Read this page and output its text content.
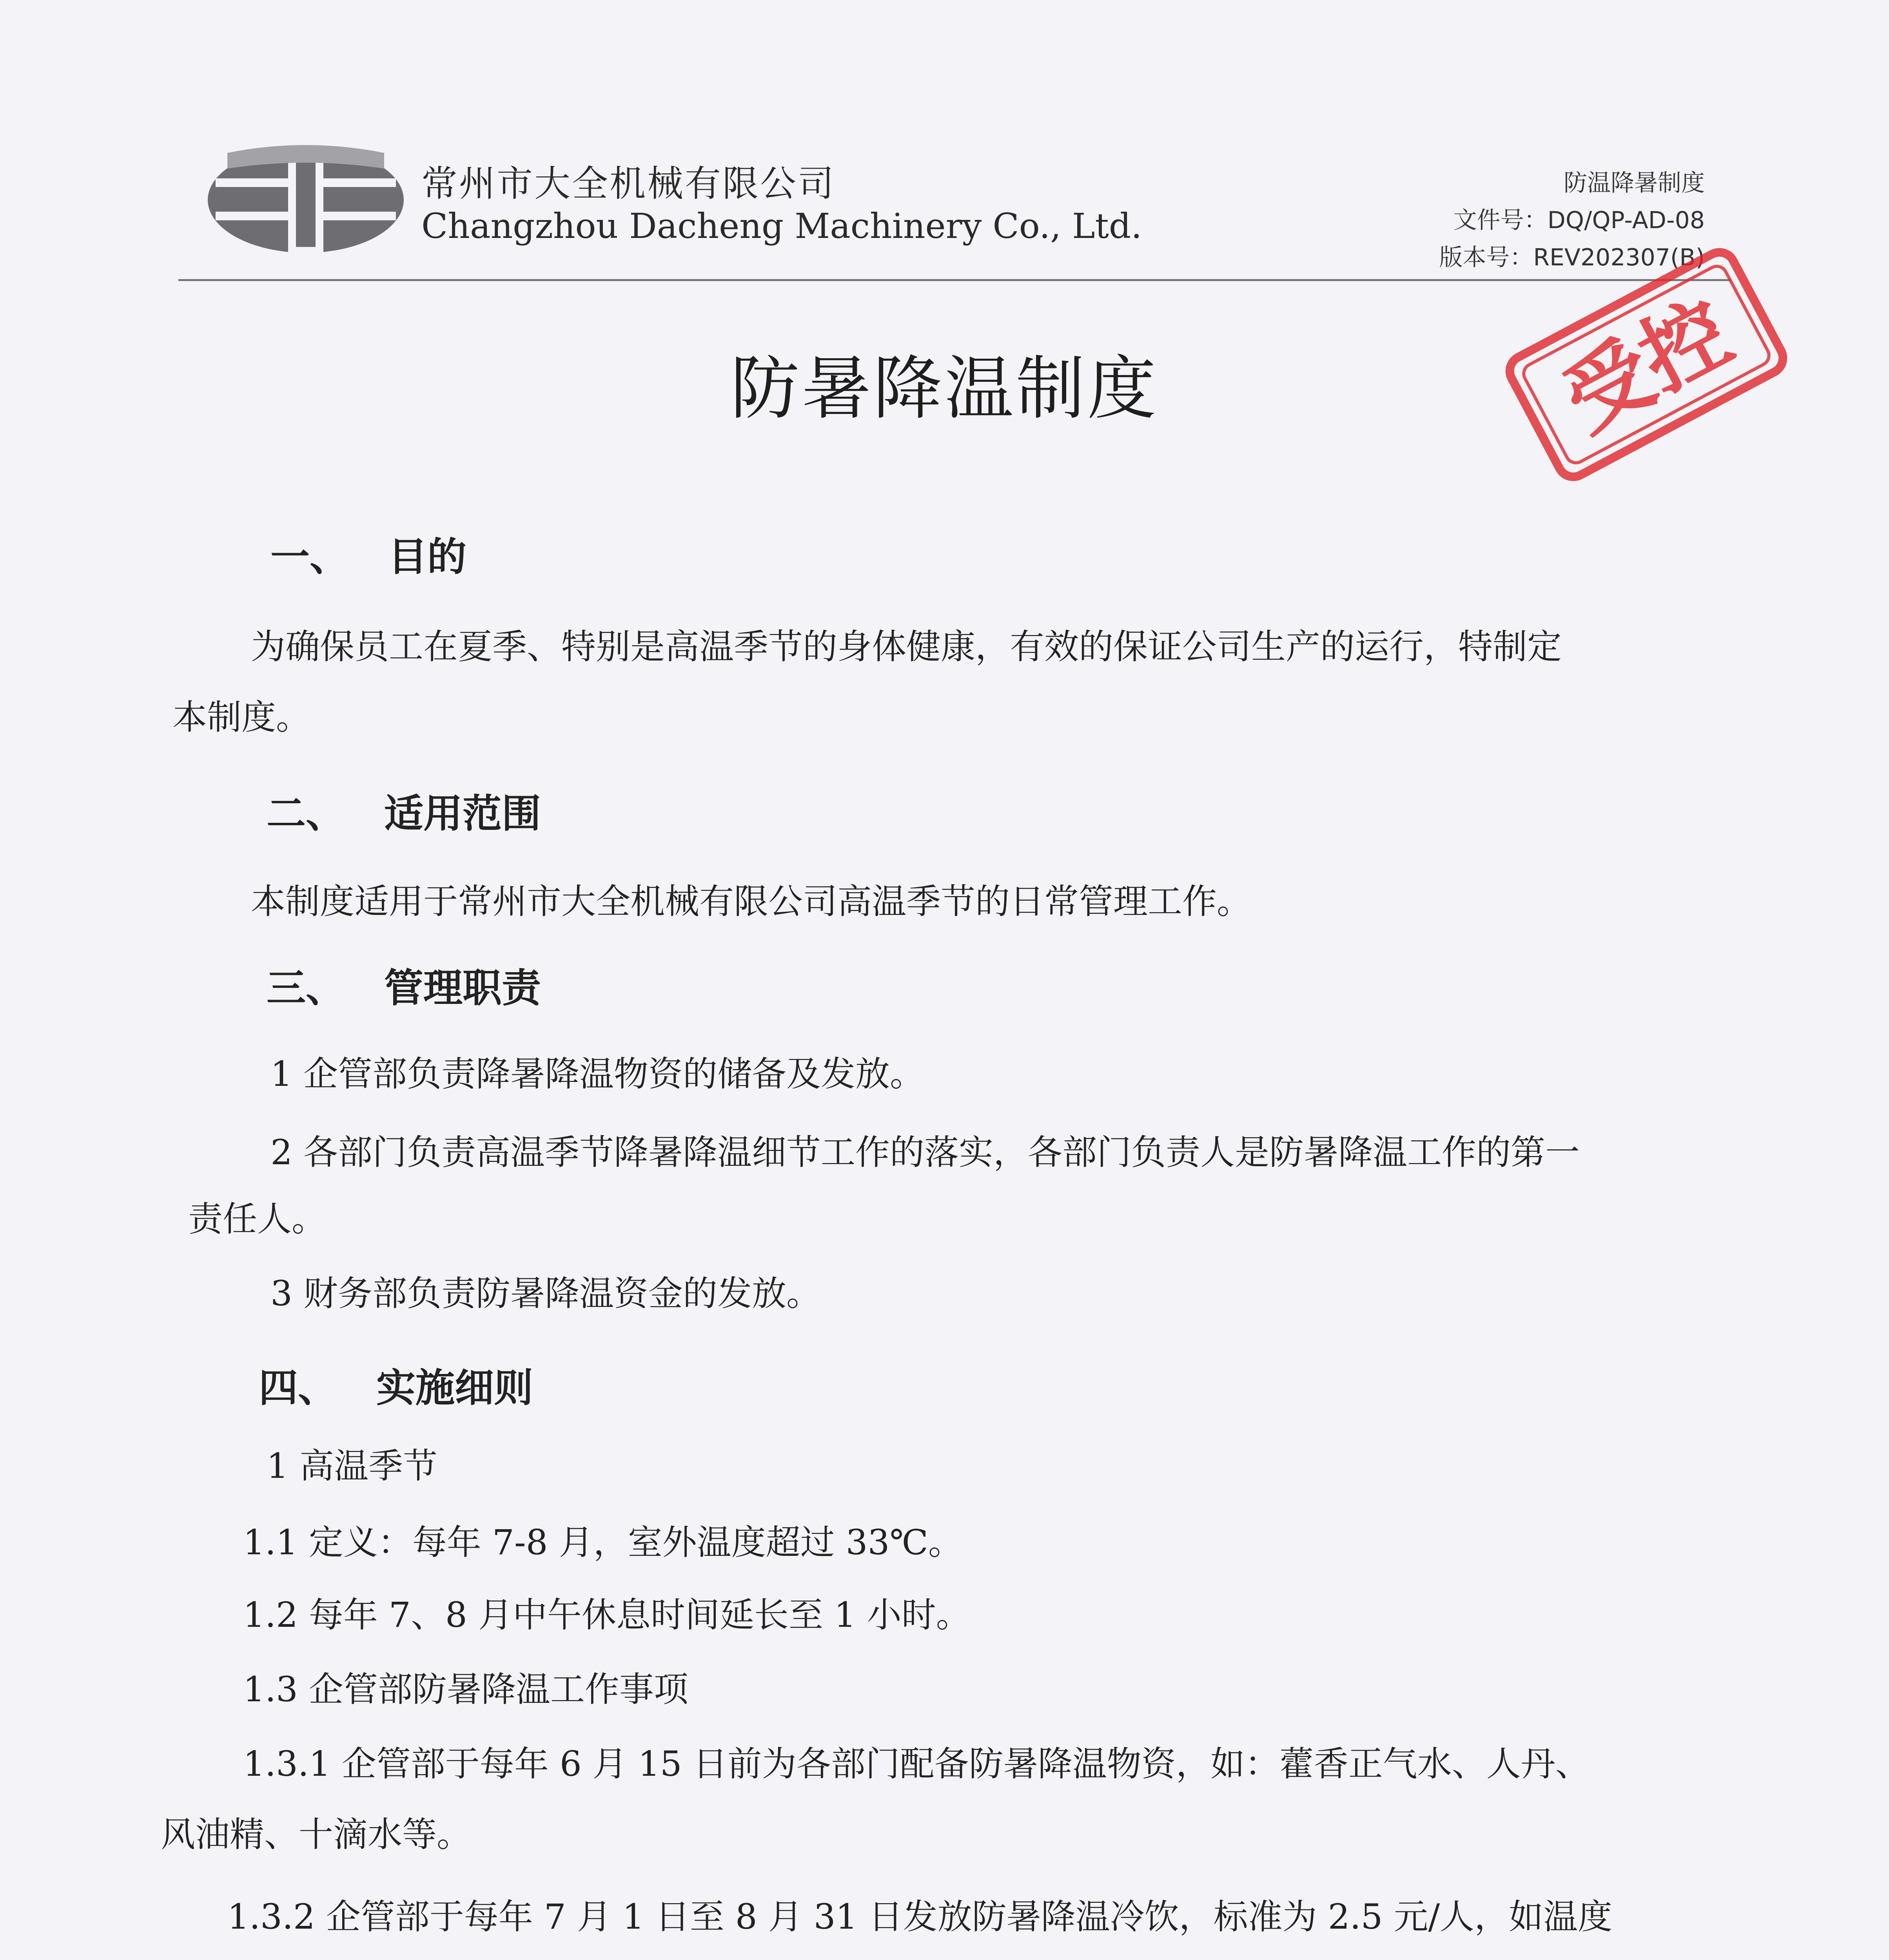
常州市大全机械有限公司
Changzhou Dacheng Machinery Co., Ltd.
防温降暑制度
文件号：DQ/QP-AD-08
版本号：REV202307(B)
受控
防暑降温制度
一、 目的
为确保员工在夏季、特别是高温季节的身体健康，有效的保证公司生产的运行，特制定
本制度。
二、 适用范围
本制度适用于常州市大全机械有限公司高温季节的日常管理工作。
三、 管理职责
1 企管部负责降暑降温物资的储备及发放。
2 各部门负责高温季节降暑降温细节工作的落实，各部门负责人是防暑降温工作的第一
责任人。
3 财务部负责防暑降温资金的发放。
四、 实施细则
1 高温季节
1.1 定义：每年 7-8 月，室外温度超过 33℃。
1.2 每年 7、8 月中午休息时间延长至 1 小时。
1.3 企管部防暑降温工作事项
1.3.1 企管部于每年 6 月 15 日前为各部门配备防暑降温物资，如：藿香正气水、人丹、
风油精、十滴水等。
1.3.2 企管部于每年 7 月 1 日至 8 月 31 日发放防暑降温冷饮，标准为 2.5 元/人，如温度
